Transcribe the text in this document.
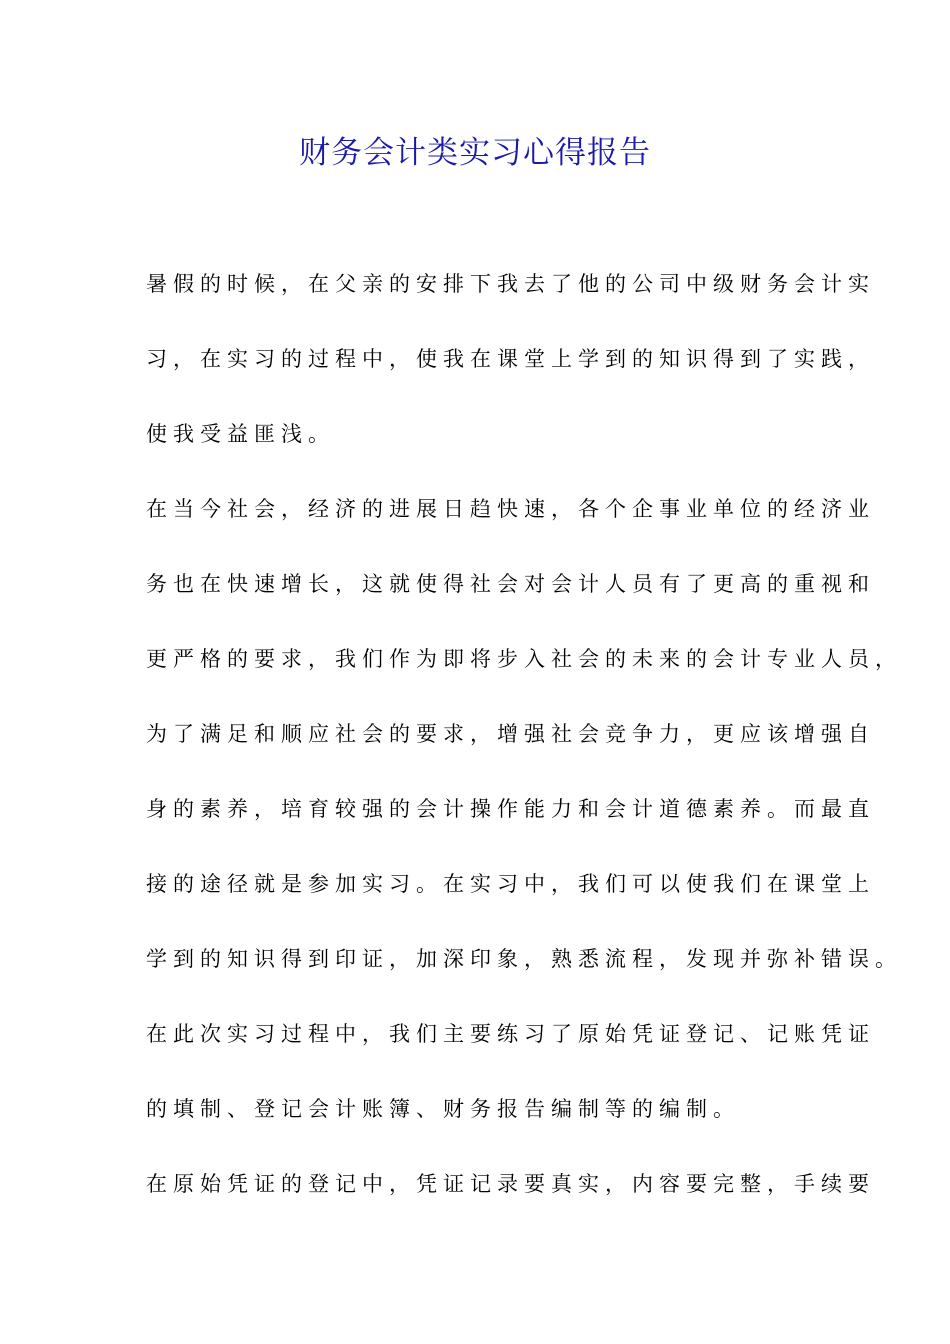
财务会计类实习心得报告
暑假的时候，在父亲的安排下我去了他的公司中级财务会计实
习，在实习的过程中，使我在课堂上学到的知识得到了实践，
使我受益匪浅。
在当今社会，经济的进展日趋快速，各个企事业单位的经济业
务也在快速增长，这就使得社会对会计人员有了更高的重视和
更严格的要求，我们作为即将步入社会的未来的会计专业人员，
为了满足和顺应社会的要求，增强社会竞争力，更应该增强自
身的素养，培育较强的会计操作能力和会计道德素养。而最直
接的途径就是参加实习。在实习中，我们可以使我们在课堂上
学到的知识得到印证，加深印象，熟悉流程，发现并弥补错误。
在此次实习过程中，我们主要练习了原始凭证登记、记账凭证
的填制、登记会计账簿、财务报告编制等的编制。
在原始凭证的登记中，凭证记录要真实，内容要完整，手续要
